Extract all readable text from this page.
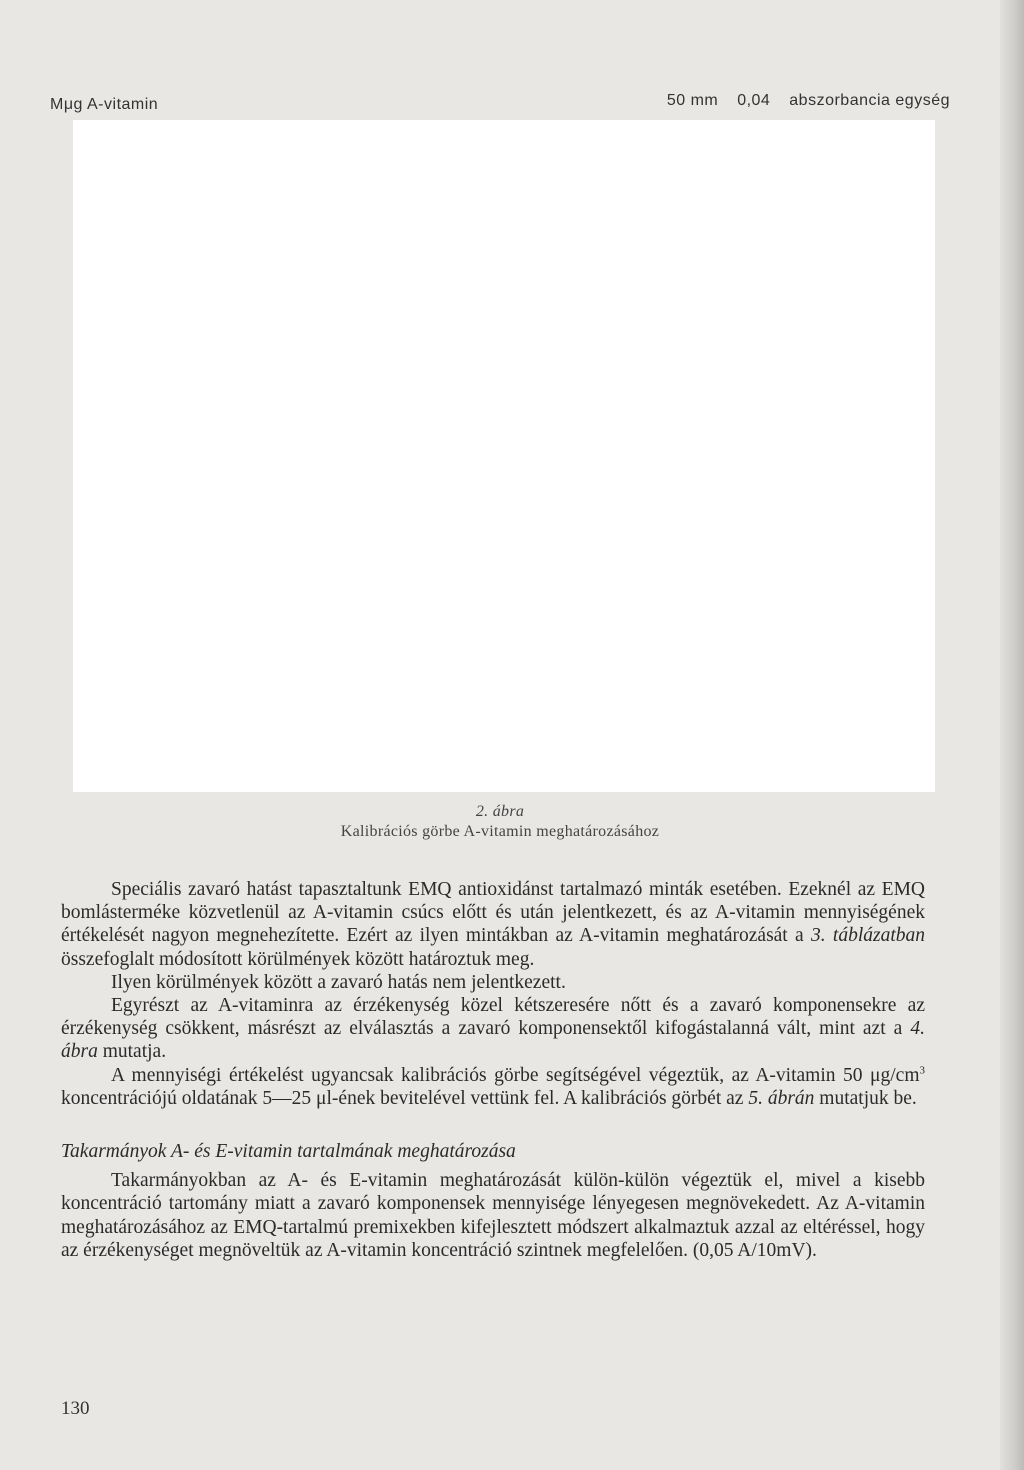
Mμg A-vitamin	50 mm 0,04 abszorbancia egység
2. ábra
Kalibrációs görbe A-vitamin meghatározásához

Speciális zavaró hatást tapasztaltunk EMQ antioxidánst tartalmazó minták esetében. Ezeknél az EMQ bomlásterméke közvetlenül az A-vitamin csúcs előtt és után jelentkezett, és az A-vitamin mennyiségének értékelését nagyon megnehezítette. Ezért az ilyen mintákban az A-vitamin meghatározását a 3. táblázatban összefoglalt módosított körülmények között határoztuk meg.

Ilyen körülmények között a zavaró hatás nem jelentkezett.

Egyrészt az A-vitaminra az érzékenység közel kétszeresére nőtt és a zavaró komponensekre az érzékenység csökkent, másrészt az elválasztás a zavaró komponensektől kifogástalanná vált, mint azt a 4. ábra mutatja.

A mennyiségi értékelést ugyancsak kalibrációs görbe segítségével végeztük, az A-vitamin 50 $\mu g/cm^3$ koncentrációjú oldatának 5—25 μl-ének bevitelével vettünk fel. A kalibrációs görbét az 5. ábrán mutatjuk be.

Takarmányok A- és E-vitamin tartalmának meghatározása

Takarmányokban az A- és E-vitamin meghatározását külön-külön végeztük el, mivel a kisebb koncentráció tartomány miatt a zavaró komponensek mennyisége lényegesen megnövekedett. Az A-vitamin meghatározásához az EMQ-tartalmú premixekben kifejlesztett módszert alkalmaztuk azzal az eltéréssel, hogy az érzékenységet megnöveltük az A-vitamin koncentráció szintnek megfelelően. (0,05 A/10mV).

130
